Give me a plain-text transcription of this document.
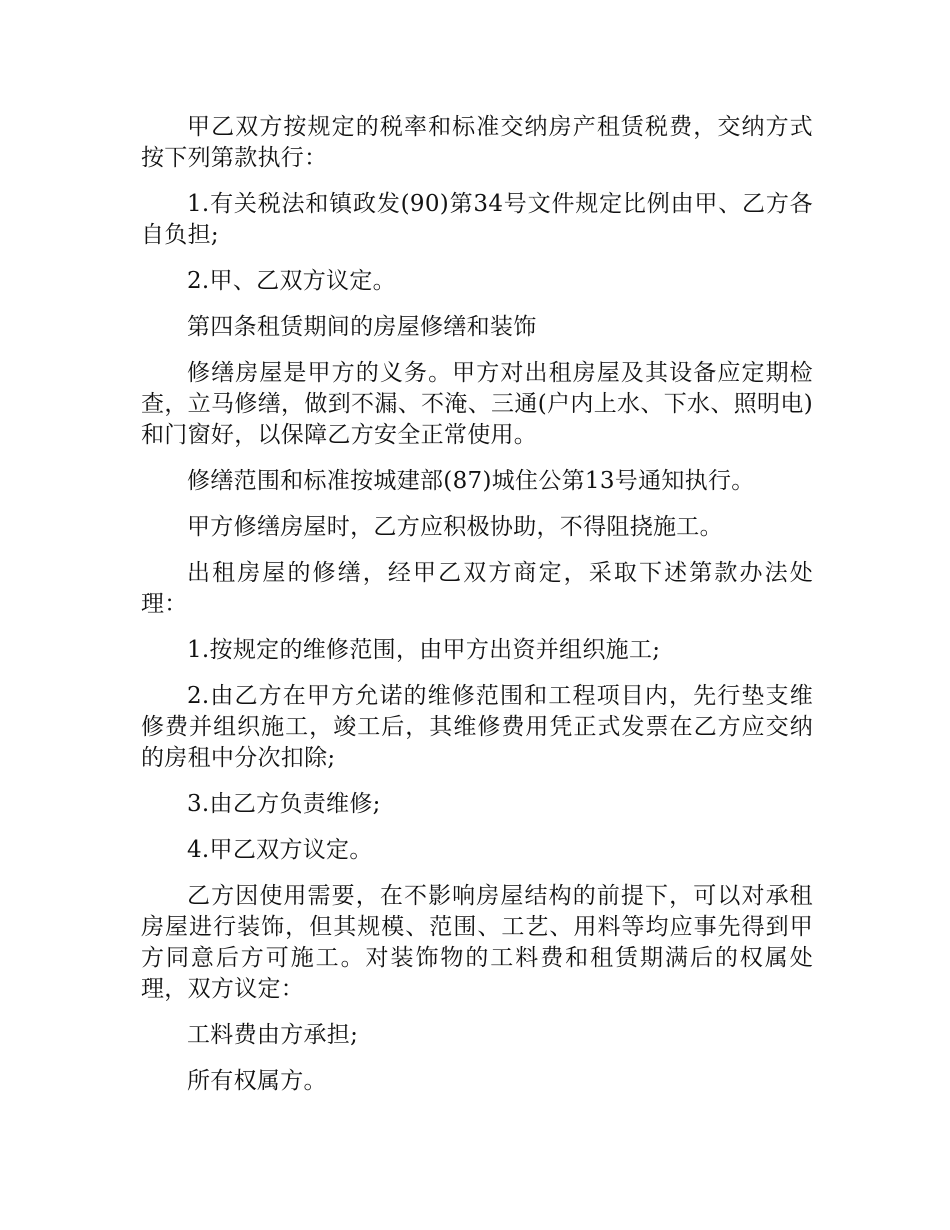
甲乙双方按规定的税率和标准交纳房产租赁税费，交纳方式按下列第款执行：

1.有关税法和镇政发(90)第34号文件规定比例由甲、乙方各自负担;

2.甲、乙双方议定。

第四条租赁期间的房屋修缮和装饰

修缮房屋是甲方的义务。甲方对出租房屋及其设备应定期检查，立马修缮，做到不漏、不淹、三通(户内上水、下水、照明电)和门窗好，以保障乙方安全正常使用。

修缮范围和标准按城建部(87)城住公第13号通知执行。

甲方修缮房屋时，乙方应积极协助，不得阻挠施工。

出租房屋的修缮，经甲乙双方商定，采取下述第款办法处理：

1.按规定的维修范围，由甲方出资并组织施工;

2.由乙方在甲方允诺的维修范围和工程项目内，先行垫支维修费并组织施工，竣工后，其维修费用凭正式发票在乙方应交纳的房租中分次扣除;

3.由乙方负责维修;

4.甲乙双方议定。

乙方因使用需要，在不影响房屋结构的前提下，可以对承租房屋进行装饰，但其规模、范围、工艺、用料等均应事先得到甲方同意后方可施工。对装饰物的工料费和租赁期满后的权属处理，双方议定：

工料费由方承担;

所有权属方。
